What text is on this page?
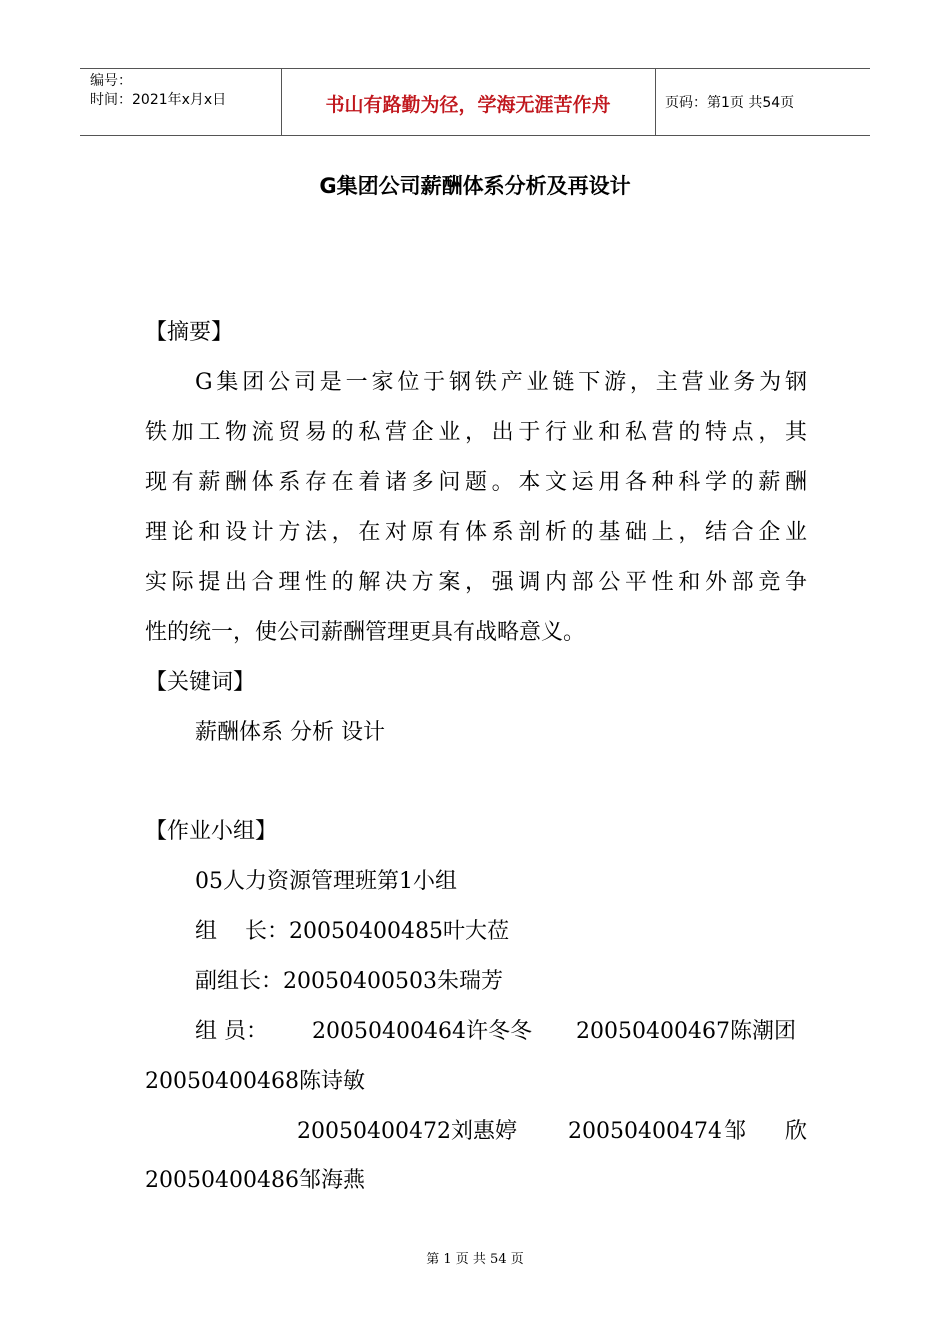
编号：
时间：2021年x月x日	书山有路勤为径，学海无涯苦作舟	页码：第1页 共54页
G集团公司薪酬体系分析及再设计
【摘要】
G集团公司是一家位于钢铁产业链下游，主营业务为钢
铁加工物流贸易的私营企业，出于行业和私营的特点，其
现有薪酬体系存在着诸多问题。本文运用各种科学的薪酬
理论和设计方法，在对原有体系剖析的基础上，结合企业
实际提出合理性的解决方案，强调内部公平性和外部竞争
性的统一，使公司薪酬管理更具有战略意义。
【关键词】
薪酬体系 分析 设计
【作业小组】
05人力资源管理班第1小组
组    长：20050400485叶大莅
副组长：20050400503朱瑞芳
组 员： 20050400464许冬冬 20050400467陈潮团
20050400468陈诗敏
20050400472刘惠婷 20050400474邹    欣
20050400486邹海燕
第 1 页 共 54 页
